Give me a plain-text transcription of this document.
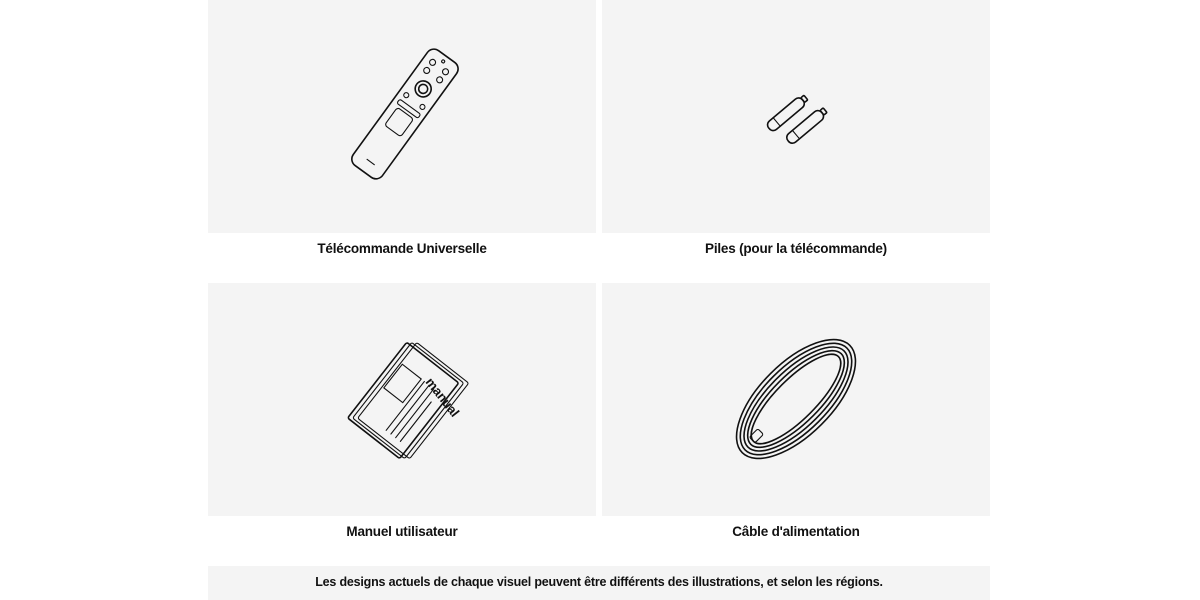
Télécommande Universelle	Piles (pour la télécommande)
manual
Manuel utilisateur	Câble d'alimentation
Les designs actuels de chaque visuel peuvent être différents des illustrations, et selon les régions.
